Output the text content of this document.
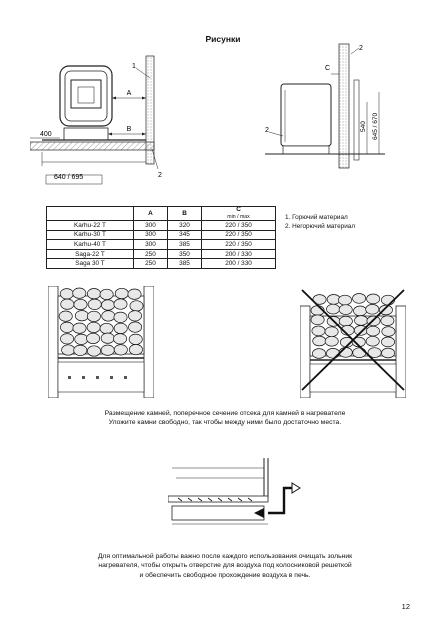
Рисунки
A
B
400
640 / 695
1
2
C
540 645 / 670
2
2
	A	B	C
min / max

Karhu-22 T	300	320	220 / 350
Karhu-30 T	300	345	220 / 350
Karhu-40 T	300	385	220 / 350
Saga-22 T	250	350	200 / 330
Saga 30 T	250	385	200 / 330
1. Горючий материал
2. Негорючий материал
Размещение камней, поперечное сечение отсека для камней в нагревателе
Уложите камни свободно, так чтобы между ними было достаточно места.
Для оптимальной работы важно после каждого использования очищать зольник
нагревателя, чтобы открыть отверстие для воздуха под колосниковой решеткой
и обеспечить свободное прохождение воздуха в печь.
12
